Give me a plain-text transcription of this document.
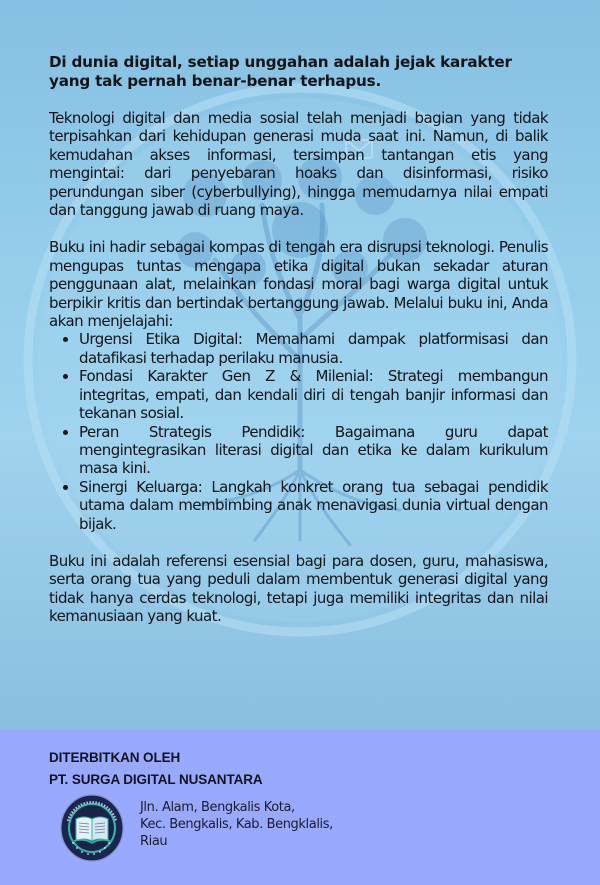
Di dunia digital, setiap unggahan adalah jejak karakter yang tak pernah benar-benar terhapus.

Teknologi digital dan media sosial telah menjadi bagian yang tidak terpisahkan dari kehidupan generasi muda saat ini. Namun, di balik kemudahan akses informasi, tersimpan tantangan etis yang mengintai: dari penyebaran hoaks dan disinformasi, risiko perundungan siber (cyberbullying), hingga memudarnya nilai empati dan tanggung jawab di ruang maya.

Buku ini hadir sebagai kompas di tengah era disrupsi teknologi. Penulis mengupas tuntas mengapa etika digital bukan sekadar aturan penggunaan alat, melainkan fondasi moral bagi warga digital untuk berpikir kritis dan bertindak bertanggung jawab. Melalui buku ini, Anda akan menjelajahi:

Urgensi Etika Digital: Memahami dampak platformisasi dan datafikasi terhadap perilaku manusia.
Fondasi Karakter Gen Z & Milenial: Strategi membangun integritas, empati, dan kendali diri di tengah banjir informasi dan tekanan sosial.
Peran Strategis Pendidik: Bagaimana guru dapat mengintegrasikan literasi digital dan etika ke dalam kurikulum masa kini.
Sinergi Keluarga: Langkah konkret orang tua sebagai pendidik utama dalam membimbing anak menavigasi dunia virtual dengan bijak.

Buku ini adalah referensi esensial bagi para dosen, guru, mahasiswa, serta orang tua yang peduli dalam membentuk generasi digital yang tidak hanya cerdas teknologi, tetapi juga memiliki integritas dan nilai kemanusiaan yang kuat.

DITERBITKAN OLEH
PT. SURGA DIGITAL NUSANTARA
Jln. Alam, Bengkalis Kota,
Kec. Bengkalis, Kab. Bengklalis,
Riau
